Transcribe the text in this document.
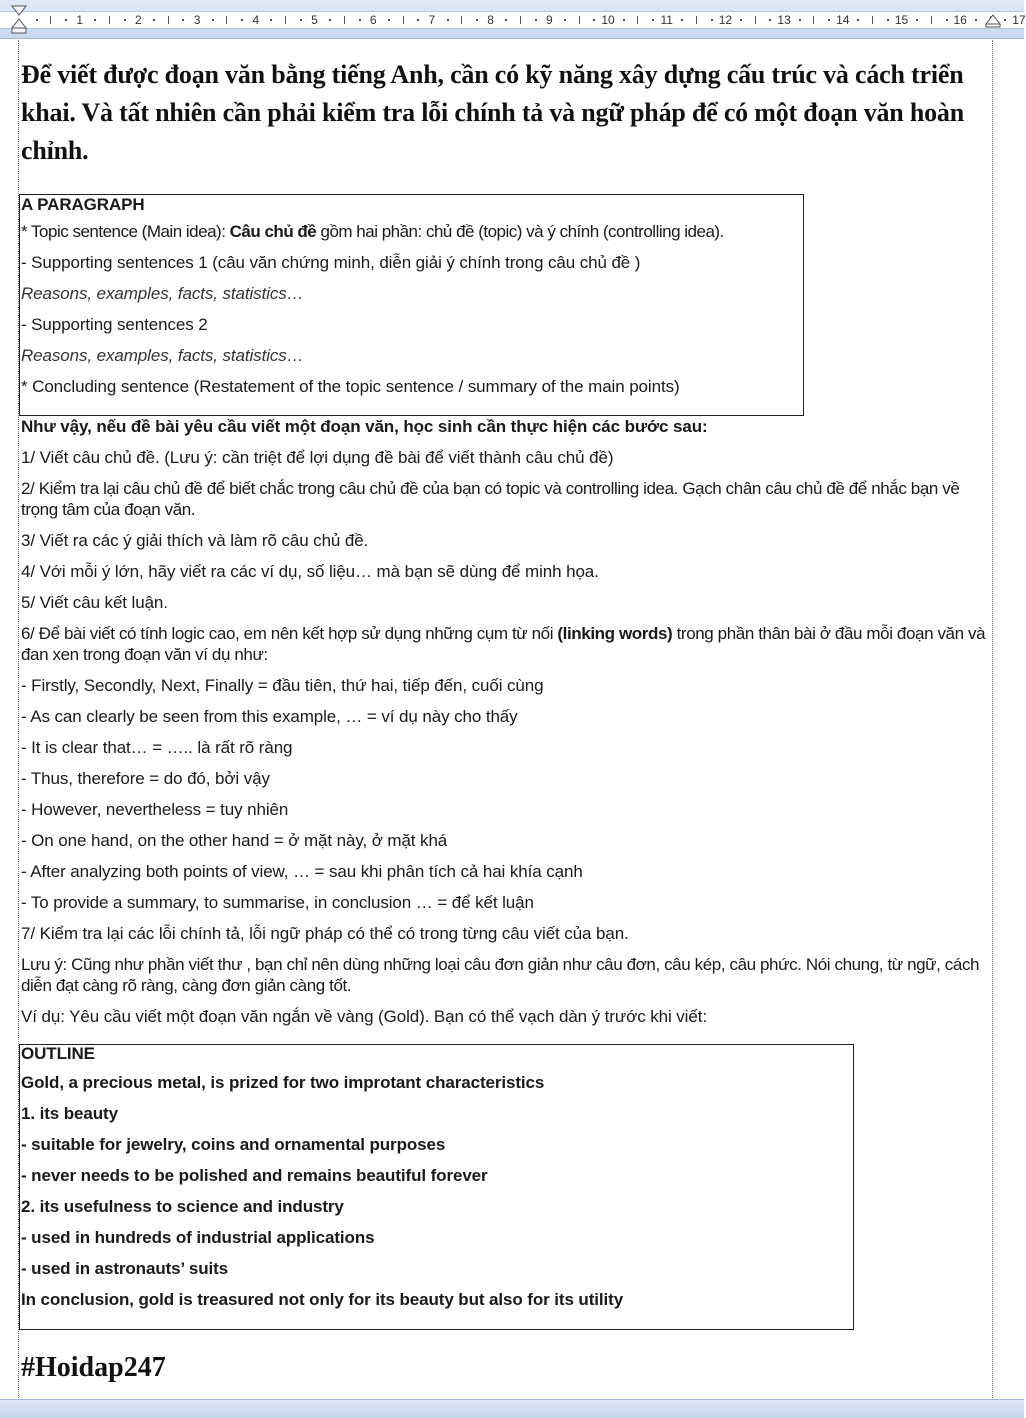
1	2	3	4	5	6	7	8	9	10	11	12	13	14	15	16	17

Để viết được đoạn văn bằng tiếng Anh, cần có kỹ năng xây dựng cấu trúc và cách triển khai. Và tất nhiên cần phải kiểm tra lỗi chính tả và ngữ pháp để có một đoạn văn hoàn chỉnh.

A PARAGRAPH
* Topic sentence (Main idea): Câu chủ đề gồm hai phần: chủ đề (topic) và ý chính (controlling idea).
- Supporting sentences 1 (câu văn chứng minh, diễn giải ý chính trong câu chủ đề )
Reasons, examples, facts, statistics…
- Supporting sentences 2
Reasons, examples, facts, statistics…
* Concluding sentence (Restatement of the topic sentence / summary of the main points)
Như vậy, nếu đề bài yêu cầu viết một đoạn văn, học sinh cần thực hiện các bước sau:
1/ Viết câu chủ đề. (Lưu ý: cần triệt để lợi dụng đề bài để viết thành câu chủ đề)
2/ Kiểm tra lại câu chủ đề để biết chắc trong câu chủ đề của bạn có topic và controlling idea. Gạch chân câu chủ đề để nhắc bạn về trọng tâm của đoạn văn.
3/ Viết ra các ý giải thích và làm rõ câu chủ đề.
4/ Với mỗi ý lớn, hãy viết ra các ví dụ, số liệu… mà bạn sẽ dùng để minh họa.
5/ Viết câu kết luận.
6/ Để bài viết có tính logic cao, em nên kết hợp sử dụng những cụm từ nối (linking words) trong phần thân bài ở đầu mỗi đoạn văn và đan xen trong đoạn văn ví dụ như:
- Firstly, Secondly, Next, Finally = đầu tiên, thứ hai, tiếp đến, cuối cùng
- As can clearly be seen from this example, … = ví dụ này cho thấy
- It is clear that… = ….. là rất rõ ràng
- Thus, therefore = do đó, bởi vậy
- However, nevertheless = tuy nhiên
- On one hand, on the other hand = ở mặt này, ở mặt khá
- After analyzing both points of view, … = sau khi phân tích cả hai khía cạnh
- To provide a summary, to summarise, in conclusion … = để kết luận
7/ Kiểm tra lại các lỗi chính tả, lỗi ngữ pháp có thể có trong từng câu viết của bạn.
Lưu ý: Cũng như phần viết thư , bạn chỉ nên dùng những loại câu đơn giản như câu đơn, câu kép, câu phức. Nói chung, từ ngữ, cách diễn đạt càng rõ ràng, càng đơn giản càng tốt.
Ví dụ: Yêu cầu viết một đoạn văn ngắn về vàng (Gold). Bạn có thể vạch dàn ý trước khi viết:
OUTLINE
Gold, a precious metal, is prized for two improtant characteristics
1. its beauty
- suitable for jewelry, coins and ornamental purposes
- never needs to be polished and remains beautiful forever
2. its usefulness to science and industry
- used in hundreds of industrial applications
- used in astronauts’ suits
In conclusion, gold is treasured not only for its beauty but also for its utility
#Hoidap247
